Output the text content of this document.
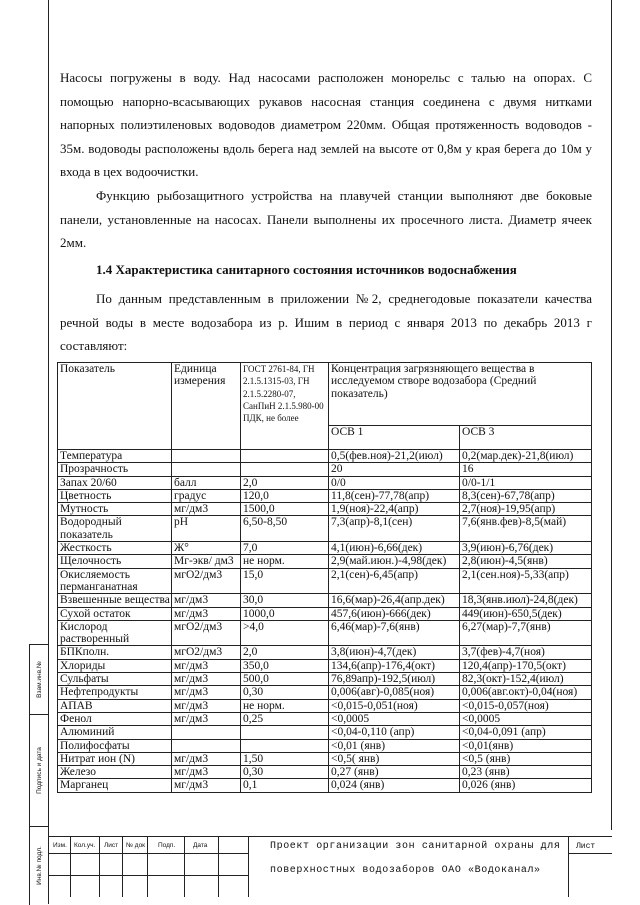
Взам.инв.№
Подпись и дата
Инв.№ подл.

Насосы погружены в воду. Над насосами расположен монорельс с талью на опорах. С помощью напорно-всасывающих рукавов насосная станция соединена с двумя нитками напорных полиэтиленовых водоводов диаметром 220мм. Общая протяженность водоводов - 35м. водоводы расположены вдоль берега над землей на высоте от 0,8м у края берега до 10м у входа в цех водоочистки.

Функцию рыбозащитного устройства на плавучей станции выполняют две боковые панели, установленные на насосах. Панели выполнены их просечного листа. Диаметр ячеек 2мм.

1.4 Характеристика санитарного состояния источников водоснабжения

По данным представленным в приложении №2, среднегодовые показатели качества речной воды в месте водозабора из р. Ишим в период с января 2013 по декабрь 2013 г составляют:

Показатель	Единица измерения	ГОСТ 2761-84, ГН
2.1.5.1315-03, ГН
2.1.5.2280-07,
СанПиН 2.1.5.980-00
ПДК, не более	Концентрация загрязняющего вещества в исследуемом створе водозабора (Средний показатель)	
			ОСВ 1	ОСВ 3

Температура			0,5(фев.ноя)-21,2(июл)	0,2(мар.дек)-21,8(июл)

Прозрачность			20	16

Запах 20/60	балл	2,0	0/0	0/0-1/1

Цветность	градус	120,0	11,8(сен)-77,78(апр)	8,3(сен)-67,78(апр)

Мутность	мг/дм3	1500,0	1,9(ноя)-22,4(апр)	2,7(ноя)-19,95(апр)

Водородный
показатель	pH	6,50-8,50	7,3(апр)-8,1(сен)	7,6(янв.фев)-8,5(май)

Жесткость	Ж°	7,0	4,1(июн)-6,66(дек)	3,9(июн)-6,76(дек)

Щелочность	Мг-экв/ дм3	не норм.	2,9(май.июн.)-4,98(дек)	2,8(июн)-4,5(янв)

Окисляемость
перманганатная	мгО2/дм3	15,0	2,1(сен)-6,45(апр)	2,1(сен.ноя)-5,33(апр)

Взвешенные вещества	мг/дм3	30,0	16,6(мар)-26,4(апр.дек)	18,3(янв.июл)-24,8(дек)

Сухой остаток	мг/дм3	1000,0	457,6(июн)-666(дек)	449(июн)-650,5(дек)

Кислород
растворенный	мгО2/дм3	>4,0	6,46(мар)-7,6(янв)	6,27(мар)-7,7(янв)

БПКполн.	мгО2/дм3	2,0	3,8(июн)-4,7(дек)	3,7(фев)-4,7(ноя)

Хлориды	мг/дм3	350,0	134,6(апр)-176,4(окт)	120,4(апр)-170,5(окт)

Сульфаты	мг/дм3	500,0	76,89апр)-192,5(июл)	82,3(окт)-152,4(июл)

Нефтепродукты	мг/дм3	0,30	0,006(авг)-0,085(ноя)	0,006(авг.окт)-0,04(ноя)

АПАВ	мг/дм3	не норм.	<0,015-0,051(ноя)	<0,015-0,057(ноя)

Фенол	мг/дм3	0,25	<0,0005	<0,0005

Алюминий			<0,04-0,110 (апр)	<0,04-0,091 (апр)

Полифосфаты			<0,01 (янв)	<0,01(янв)

Нитрат ион (N)	мг/дм3	1,50	<0,5( янв)	<0,5 (янв)

Железо	мг/дм3	0,30	0,27 (янв)	0,23 (янв)

Марганец	мг/дм3	0,1	0,024 (янв)	0,026 (янв)
Изм. Кол.уч. Лист № док Подп.	Дата	Проект организации зон санитарной охраны для
поверхностных водозаборов ОАО «Водоканал»
Лист
